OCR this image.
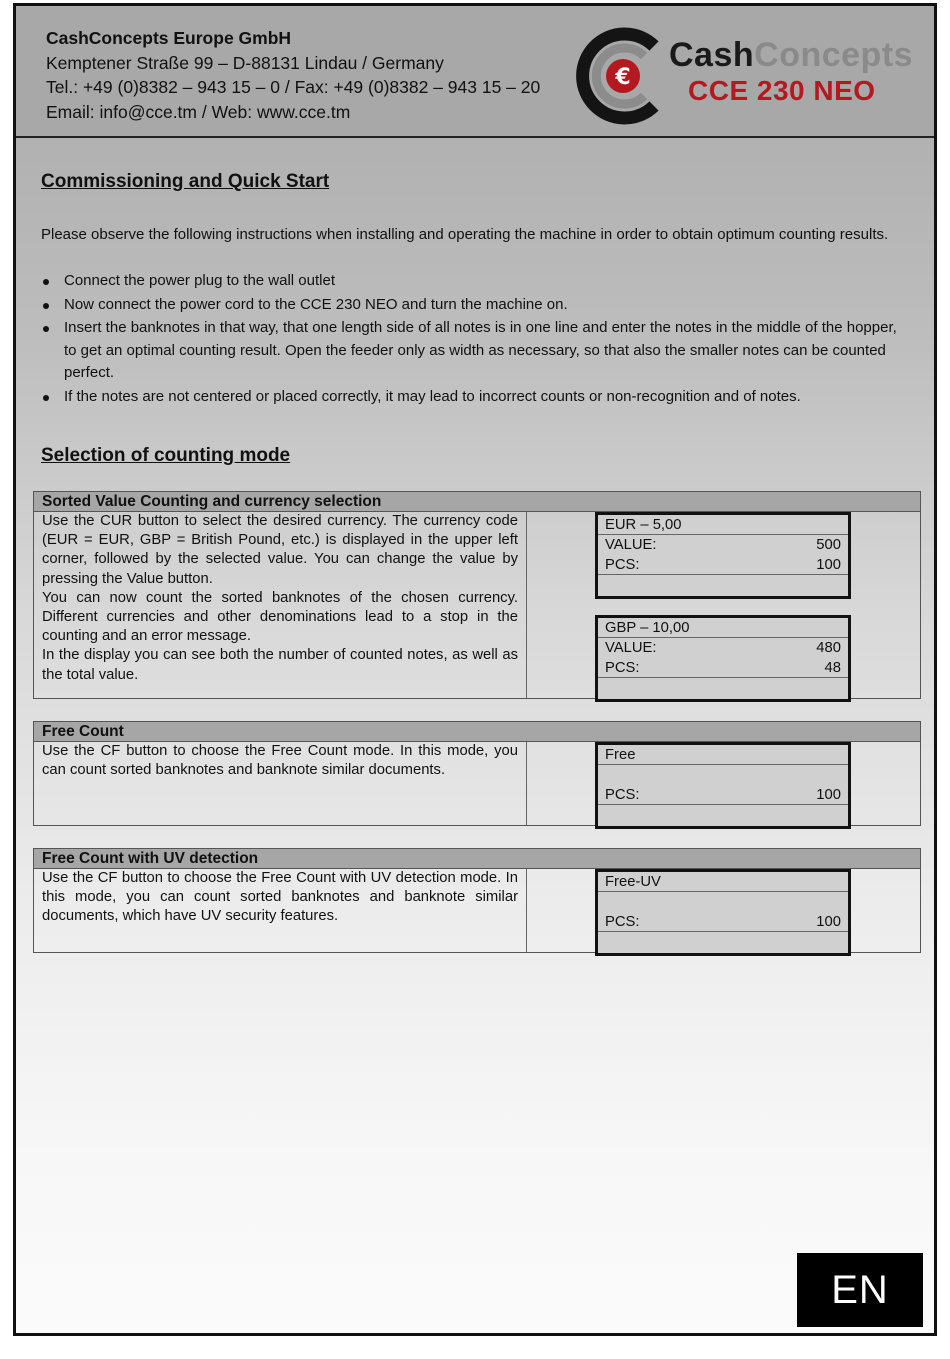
CashConcepts Europe GmbH
Kemptener Straße 99 – D-88131 Lindau / Germany
Tel.: +49 (0)8382 – 943 15 – 0 / Fax: +49 (0)8382 – 943 15 – 20
Email: info@cce.tm / Web: www.cce.tm
€
CashConcepts
CCE 230 NEO
Commissioning and Quick Start
Please observe the following instructions when installing and operating the machine in order to obtain optimum counting results.
Connect the power plug to the wall outlet
Now connect the power cord to the CCE 230 NEO and turn the machine on.
Insert the banknotes in that way, that one length side of all notes is in one line and enter the notes in the middle of the hopper, to get an optimal counting result. Open the feeder only as width as necessary, so that also the smaller notes can be counted perfect.
If the notes are not centered or placed correctly, it may lead to incorrect counts or non-recognition and of notes.
Selection of counting mode
Sorted Value Counting and currency selection

Use the CUR button to select the desired currency. The currency code (EUR = EUR, GBP = British Pound, etc.) is displayed in the upper left corner, followed by the selected value. You can change the value by pressing the Value button.

You can now count the sorted banknotes of the chosen currency. Different currencies and other denominations lead to a stop in the counting and an error message.

In the display you can see both the number of counted notes, as well as the total value.

EUR – 5,00
VALUE:	500
PCS:	100
GBP – 10,00
VALUE:	480
PCS:	48
Free Count
Use the CF button to choose the Free Count mode. In this mode, you can count sorted banknotes and banknote similar documents.
Free
PCS:	100
Free Count with UV detection
Use the CF button to choose the Free Count with UV detection mode. In this mode, you can count sorted banknotes and banknote similar documents, which have UV security features.
Free-UV
PCS:	100
EN
